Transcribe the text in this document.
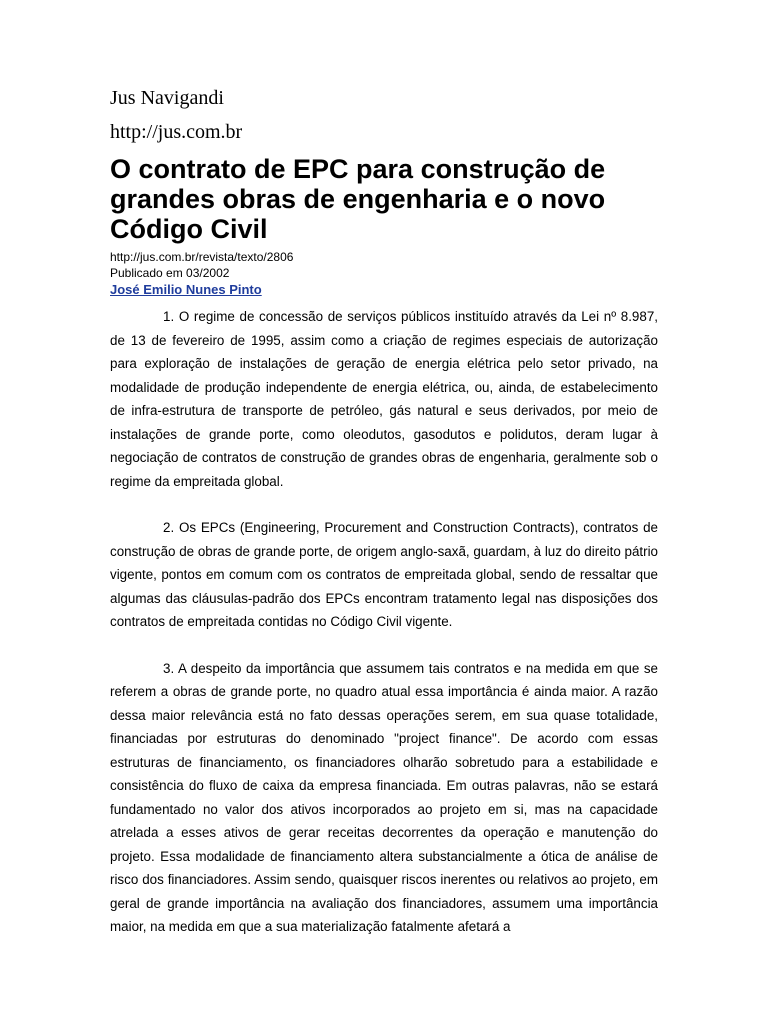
Jus Navigandi

http://jus.com.br

O contrato de EPC para construção de grandes obras de engenharia e o novo Código Civil

http://jus.com.br/revista/texto/2806

Publicado em 03/2002

José Emilio Nunes Pinto

1. O regime de concessão de serviços públicos instituído através da Lei nº 8.987, de 13 de fevereiro de 1995, assim como a criação de regimes especiais de autorização para exploração de instalações de geração de energia elétrica pelo setor privado, na modalidade de produção independente de energia elétrica, ou, ainda, de estabelecimento de infra-estrutura de transporte de petróleo, gás natural e seus derivados, por meio de instalações de grande porte, como oleodutos, gasodutos e polidutos, deram lugar à negociação de contratos de construção de grandes obras de engenharia, geralmente sob o regime da empreitada global.

2. Os EPCs (Engineering, Procurement and Construction Contracts), contratos de construção de obras de grande porte, de origem anglo-saxã, guardam, à luz do direito pátrio vigente, pontos em comum com os contratos de empreitada global, sendo de ressaltar que algumas das cláusulas-padrão dos EPCs encontram tratamento legal nas disposições dos contratos de empreitada contidas no Código Civil vigente.

3. A despeito da importância que assumem tais contratos e na medida em que se referem a obras de grande porte, no quadro atual essa importância é ainda maior. A razão dessa maior relevância está no fato dessas operações serem, em sua quase totalidade, financiadas por estruturas do denominado "project finance". De acordo com essas estruturas de financiamento, os financiadores olharão sobretudo para a estabilidade e consistência do fluxo de caixa da empresa financiada. Em outras palavras, não se estará fundamentado no valor dos ativos incorporados ao projeto em si, mas na capacidade atrelada a esses ativos de gerar receitas decorrentes da operação e manutenção do projeto. Essa modalidade de financiamento altera substancialmente a ótica de análise de risco dos financiadores. Assim sendo, quaisquer riscos inerentes ou relativos ao projeto, em geral de grande importância na avaliação dos financiadores, assumem uma importância maior, na medida em que a sua materialização fatalmente afetará a
